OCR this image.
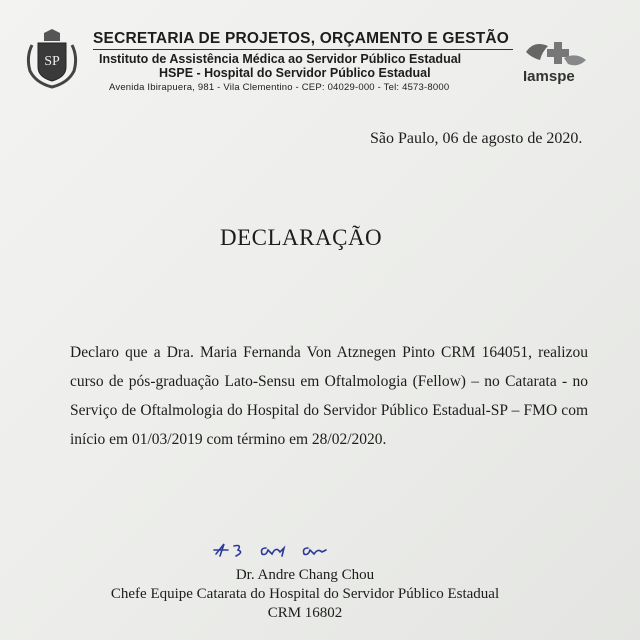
SP
SECRETARIA DE PROJETOS, ORÇAMENTO E GESTÃO
Instituto de Assistência Médica ao Servidor Público Estadual
HSPE - Hospital do Servidor Público Estadual
Avenida Ibirapuera, 981 - Vila Clementino - CEP: 04029-000 - Tel: 4573-8000
Iamspe
São Paulo, 06 de agosto de 2020.
DECLARAÇÃO

Declaro que a Dra. Maria Fernanda Von Atznegen Pinto CRM 164051, realizou curso de pós-graduação Lato-Sensu em Oftalmologia (Fellow) – no Catarata - no Serviço de Oftalmologia do Hospital do Servidor Público Estadual-SP – FMO com início em 01/03/2019 com término em 28/02/2020.

Dr. Andre Chang Chou
Chefe Equipe Catarata do Hospital do Servidor Público Estadual
CRM 16802
